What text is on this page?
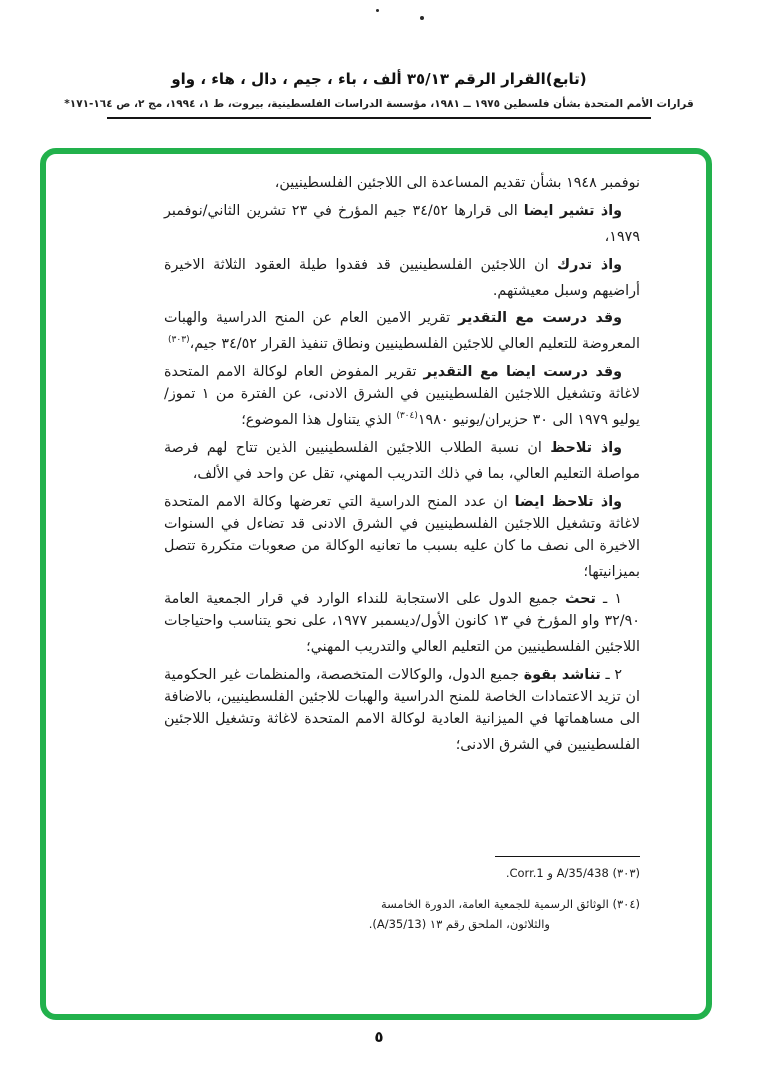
(تابع)القرار الرقم ٣٥/١٣ ألف ، باء ، جيم ، دال ، هاء ، واو
قرارات الأمم المتحدة بشأن فلسطين ١٩٧٥ ــ ١٩٨١، مؤسسة الدراسات الفلسطينية، بيروت، ط ١، ١٩٩٤، مج ٢، ص ١٦٤-١٧١*

نوفمبر ١٩٤٨ بشأن تقديم المساعدة الى اللاجئين الفلسطينيين،

واذ تشير ايضا الى قرارها ٣٤/٥٢ جيم المؤرخ في ٢٣ تشرين الثاني/نوفمبر ١٩٧٩،

واذ تدرك ان اللاجئين الفلسطينيين قد فقدوا طيلة العقود الثلاثة الاخيرة أراضيهم وسبل معيشتهم.

وقد درست مع التقدير تقرير الامين العام عن المنح الدراسية والهبات المعروضة للتعليم العالي للاجئين الفلسطينيين ونطاق تنفيذ القرار ٣٤/٥٢ جيم،$^{(٣٠٣)}$

وقد درست ايضا مع التقدير تقرير المفوض العام لوكالة الامم المتحدة لاغاثة وتشغيل اللاجئين الفلسطينيين في الشرق الادنى، عن الفترة من ١ تموز/يوليو ١٩٧٩ الى ٣٠ حزيران/يونيو ١٩٨٠$^{(٣٠٤)}$ الذي يتناول هذا الموضوع؛

واذ تلاحظ ان نسبة الطلاب اللاجئين الفلسطينيين الذين تتاح لهم فرصة مواصلة التعليم العالي، بما في ذلك التدريب المهني، تقل عن واحد في الألف،

واذ تلاحظ ايضا ان عدد المنح الدراسية التي تعرضها وكالة الامم المتحدة لاغاثة وتشغيل اللاجئين الفلسطينيين في الشرق الادنى قد تضاءل في السنوات الاخيرة الى نصف ما كان عليه بسبب ما تعانيه الوكالة من صعوبات متكررة تتصل بميزانيتها؛

١ ـ تحث جميع الدول على الاستجابة للنداء الوارد في قرار الجمعية العامة ٣٢/٩٠ واو المؤرخ في ١٣ كانون الأول/ديسمبر ١٩٧٧، على نحو يتناسب واحتياجات اللاجئين الفلسطينيين من التعليم العالي والتدريب المهني؛

٢ ـ تناشد بقوة جميع الدول، والوكالات المتخصصة، والمنظمات غير الحكومية ان تزيد الاعتمادات الخاصة للمنح الدراسية والهبات للاجئين الفلسطينيين، بالاضافة الى مساهماتها في الميزانية العادية لوكالة الامم المتحدة لاغاثة وتشغيل اللاجئين الفلسطينيين في الشرق الادنى؛

(٣٠٣) A/35/438 و Corr.1.

(٣٠٤) الوثائق الرسمية للجمعية العامة، الدورة الخامسة والثلاثون، الملحق رقم ١٣ (A/35/13).

٥
